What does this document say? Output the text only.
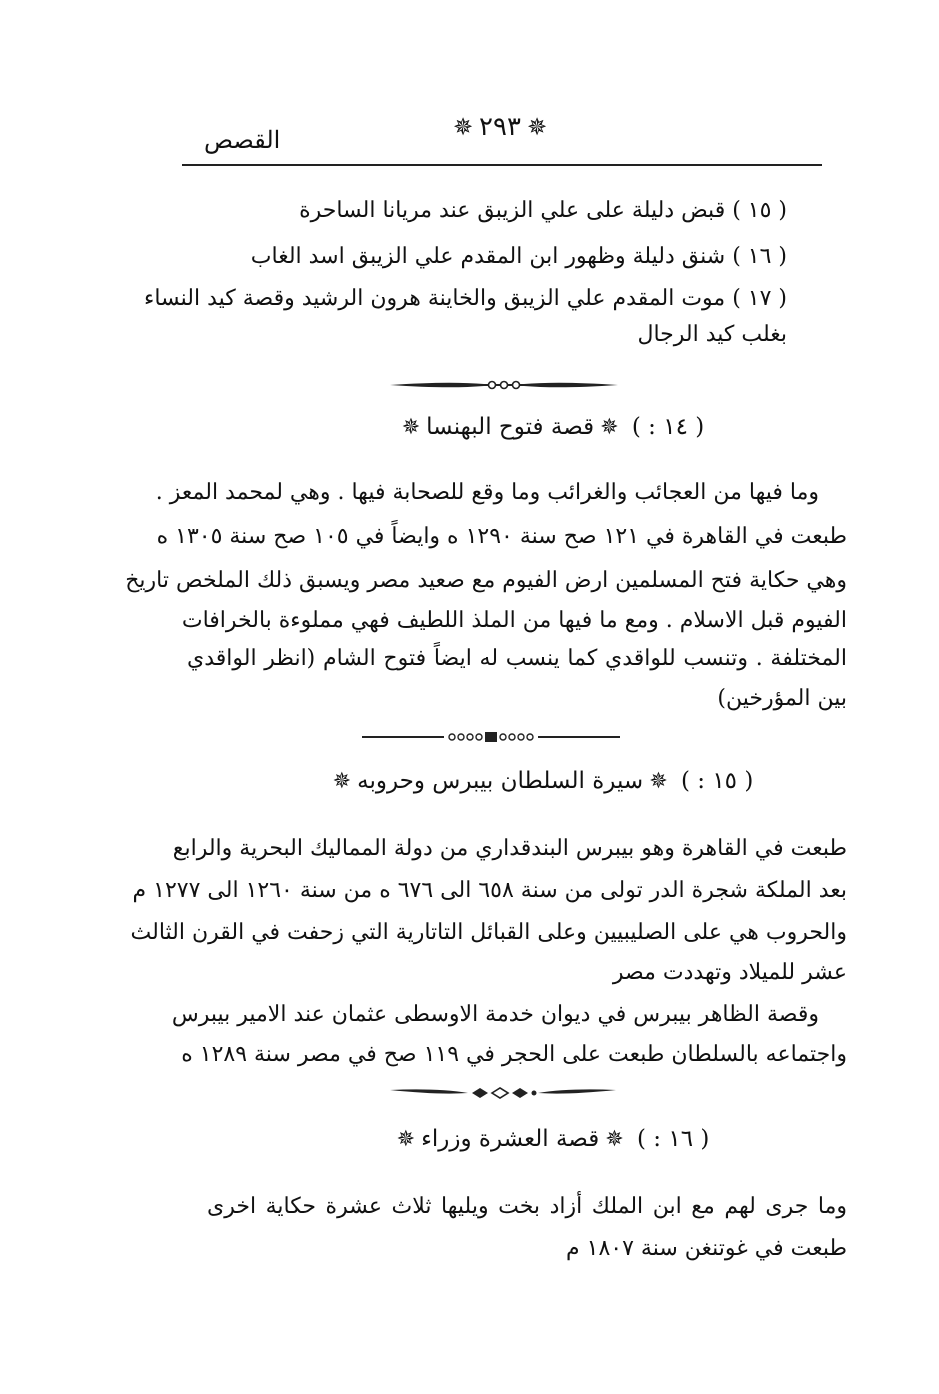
✵ ٢٩٣ ✵
القصص
( ١٥ ) قبض دليلة على علي الزيبق عند مريانا الساحرة
( ١٦ ) شنق دليلة وظهور ابن المقدم علي الزيبق اسد الغاب
( ١٧ ) موت المقدم علي الزيبق والخاينة هرون الرشيد وقصة كيد النساء
بغلب كيد الرجال
( ١٤ : ) ✵قصة فتوح البهنسا✵
وما فيها من العجائب والغرائب وما وقع للصحابة فيها . وهي لمحمد المعز .
طبعت في القاهرة في ١٢١ صح سنة ١٢٩٠ ه وايضاً في ١٠٥ صح سنة ١٣٠٥ ه
وهي حكاية فتح المسلمين ارض الفيوم مع صعيد مصر ويسبق ذلك الملخص تاريخ
الفيوم قبل الاسلام . ومع ما فيها من الملذ اللطيف فهي مملوءة بالخرافات
المختلفة . وتنسب للواقدي كما ينسب له ايضاً فتوح الشام (انظر الواقدي
بين المؤرخين)
( ١٥ : ) ✵سيرة السلطان بيبرس وحروبه✵
طبعت في القاهرة وهو بيبرس البندقداري من دولة المماليك البحرية والرابع
بعد الملكة شجرة الدر تولى من سنة ٦٥٨ الى ٦٧٦ ه من سنة ١٢٦٠ الى ١٢٧٧ م
والحروب هي على الصليبيين وعلى القبائل التاتارية التي زحفت في القرن الثالث
عشر للميلاد وتهددت مصر
وقصة الظاهر بيبرس في ديوان خدمة الاوسطى عثمان عند الامير بيبرس
واجتماعه بالسلطان طبعت على الحجر في ١١٩ صح في مصر سنة ١٢٨٩ ه
( ١٦ : ) ✵قصة العشرة وزراء✵
وما جرى لهم مع ابن الملك أزاد بخت ويليها ثلاث عشرة حكاية اخرى
طبعت في غوتنغن سنة ١٨٠٧ م
